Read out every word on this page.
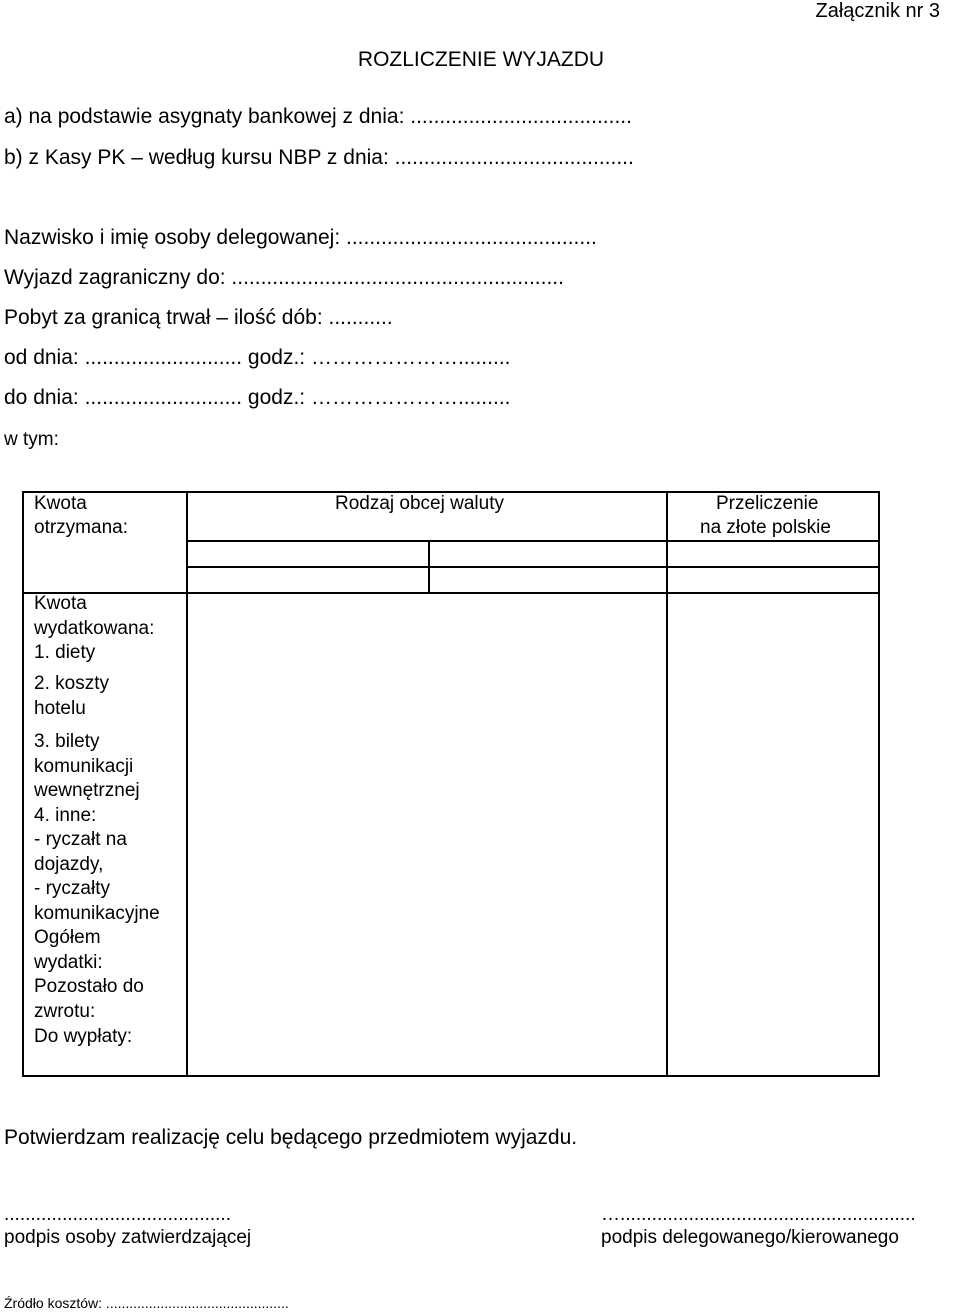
Załącznik nr 3
ROZLICZENIE WYJAZDU
a) na podstawie asygnaty bankowej z dnia: ......................................
b) z Kasy PK – według kursu NBP z dnia: .........................................
Nazwisko i imię osoby delegowanej: ...........................................
Wyjazd zagraniczny do: .........................................................
Pobyt za granicą trwał – ilość dób: ...........
od dnia: ........................... godz.: ………………….........
do dnia: ........................... godz.: ………………….........
w tym:
Kwota
otrzymana:
Rodzaj obcej waluty	Przeliczenie
na złote polskie
Kwota
wydatkowana:
1. diety
2. koszty
hotelu
3. bilety
komunikacji
wewnętrznej
4. inne:
- ryczałt na
dojazdy,
- ryczałty
komunikacyjne
Ogółem
wydatki:
Pozostało do
zwrotu:
Do wypłaty:
Potwierdzam realizację celu będącego przedmiotem wyjazdu.
...........................................
podpis osoby zatwierdzającej
…........................................................
podpis delegowanego/kierowanego
Źródło kosztów: ...............................................
